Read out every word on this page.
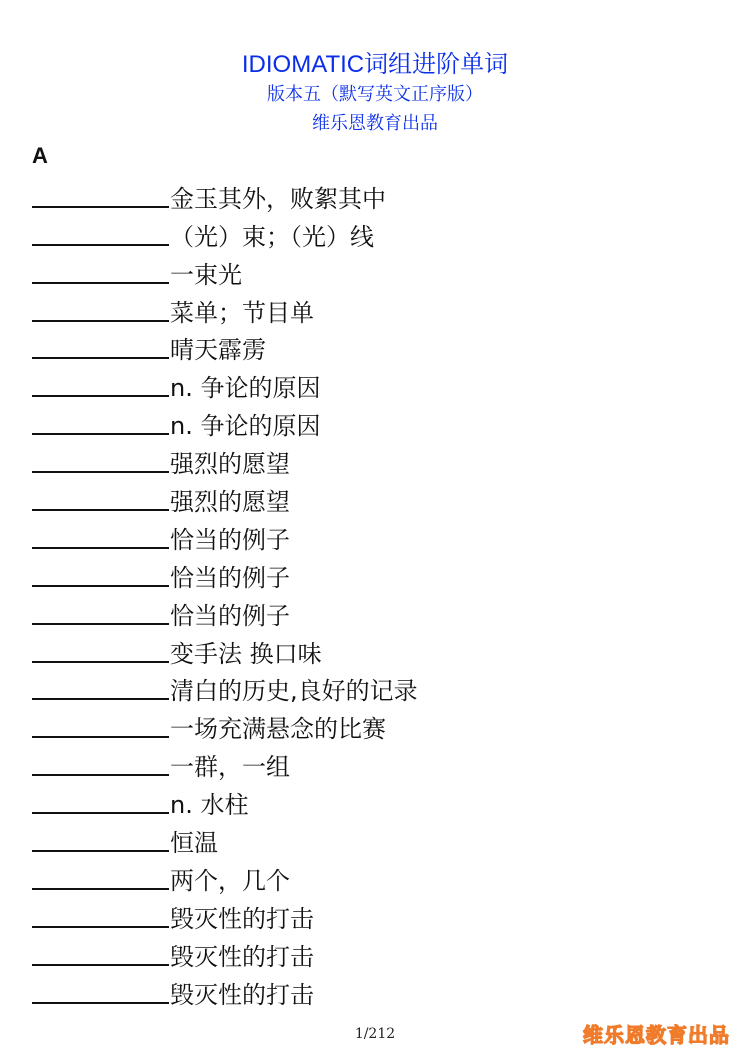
IDIOMATIC词组进阶单词
版本五（默写英文正序版）
维乐恩教育出品
A
金玉其外，败絮其中
（光）束；（光）线
一束光
菜单；节目单
晴天霹雳
n. 争论的原因
n. 争论的原因
强烈的愿望
强烈的愿望
恰当的例子
恰当的例子
恰当的例子
变手法 换口味
清白的历史,良好的记录
一场充满悬念的比赛
一群，一组
n. 水柱
恒温
两个，几个
毁灭性的打击
毁灭性的打击
毁灭性的打击
1/212	维乐恩教育出品
